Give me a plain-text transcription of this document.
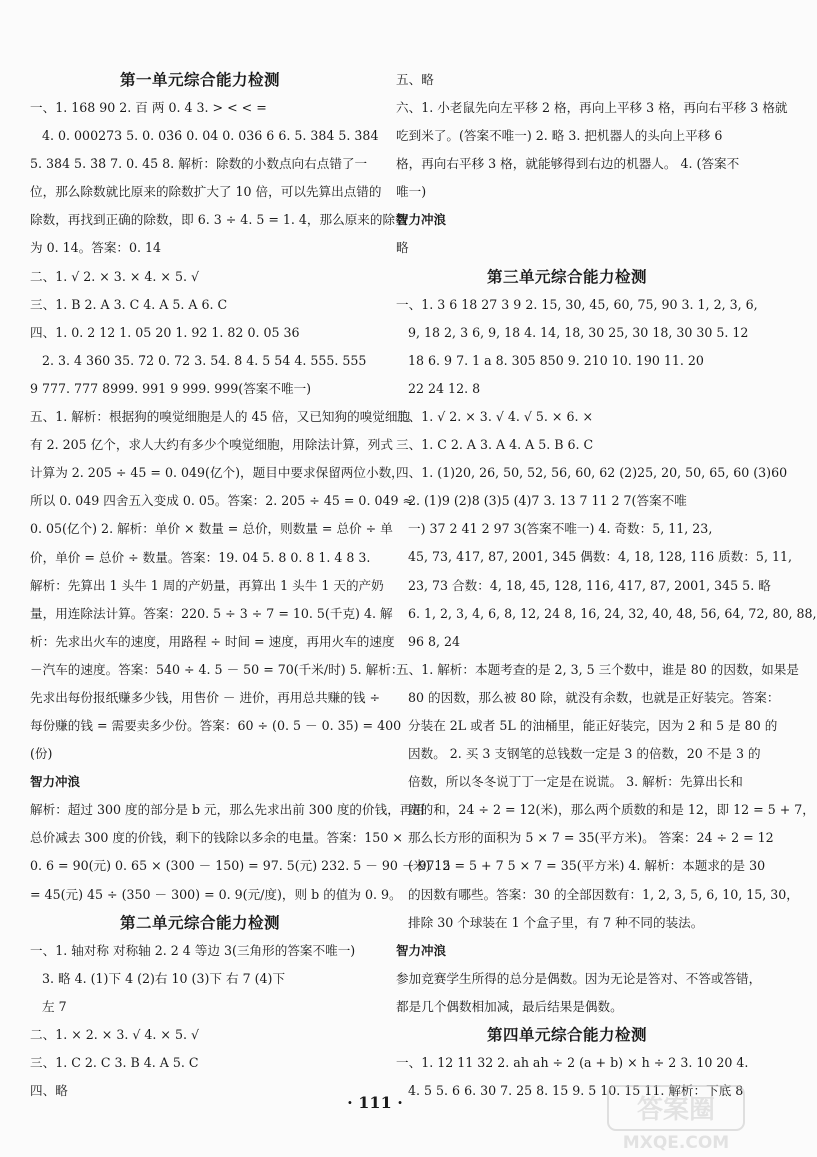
第一单元综合能力检测
一、1. 168 90 2. 百 两 0. 4 3. > < < =
4. 0. 000273 5. 0. 03̇6̇ 0. 04 0. 036 6 6. 5. 384 5. 3̇84̇
5. 384 5. 3̇8̇ 7. 0. 4̇5̇ 8. 解析：除数的小数点向右点错了一
位，那么除数就比原来的除数扩大了 10 倍，可以先算出点错的
除数，再找到正确的除数，即 6. 3 ÷ 4. 5 = 1. 4，那么原来的除数
为 0. 14。答案：0. 14
二、1. √ 2. × 3. × 4. × 5. √
三、1. B 2. A 3. C 4. A 5. A 6. C
四、1. 0. 2 12 1. 05 20 1. 92 1. 82 0. 05 36
2. 3. 4 360 35. 7̇2̇ 0. 72 3. 54. 8 4. 5 54 4. 555. 555
9 777. 777 8999. 991 9 999. 999(答案不唯一)
五、1. 解析：根据狗的嗅觉细胞是人的 45 倍，又已知狗的嗅觉细胞
有 2. 205 亿个，求人大约有多少个嗅觉细胞，用除法计算，列式
计算为 2. 205 ÷ 45 = 0. 049(亿个)，题目中要求保留两位小数，
所以 0. 049 四舍五入变成 0. 05。答案：2. 205 ÷ 45 = 0. 049 ≈
0. 05(亿个) 2. 解析：单价 × 数量 = 总价，则数量 = 总价 ÷ 单
价，单价 = 总价 ÷ 数量。答案：19. 04 5. 8 0. 8 1. 4 8 3.
解析：先算出 1 头牛 1 周的产奶量，再算出 1 头牛 1 天的产奶
量，用连除法计算。答案：220. 5 ÷ 3 ÷ 7 = 10. 5(千克) 4. 解
析：先求出火车的速度，用路程 ÷ 时间 = 速度，再用火车的速度
－汽车的速度。答案：540 ÷ 4. 5 － 50 = 70(千米/时) 5. 解析：
先求出每份报纸赚多少钱，用售价 － 进价，再用总共赚的钱 ÷
每份赚的钱 = 需要卖多少份。答案：60 ÷ (0. 5 － 0. 35) = 400
(份)
智力冲浪
解析：超过 300 度的部分是 b 元，那么先求出前 300 度的价钱，再用
总价减去 300 度的价钱，剩下的钱除以多余的电量。答案：150 ×
0. 6 = 90(元) 0. 65 × (300 － 150) = 97. 5(元) 232. 5 － 90 － 97. 5
= 45(元) 45 ÷ (350 － 300) = 0. 9(元/度)，则 b 的值为 0. 9。
第二单元综合能力检测
一、1. 轴对称 对称轴 2. 2 4 等边 3(三角形的答案不唯一)
3. 略 4. (1)下 4 (2)右 10 (3)下 右 7 (4)下
左 7
二、1. × 2. × 3. √ 4. × 5. √
三、1. C 2. C 3. B 4. A 5. C
四、略
五、略
六、1. 小老鼠先向左平移 2 格，再向上平移 3 格，再向右平移 3 格就
吃到米了。(答案不唯一) 2. 略 3. 把机器人的头向上平移 6
格，再向右平移 3 格，就能够得到右边的机器人。 4. (答案不
唯一)
智力冲浪
略
第三单元综合能力检测
一、1. 3 6 18 27 3 9 2. 15, 30, 45, 60, 75, 90 3. 1, 2, 3, 6,
9, 18 2, 3 6, 9, 18 4. 14, 18, 30 25, 30 18, 30 30 5. 12
18 6. 9 7. 1 a 8. 305 850 9. 210 10. 190 11. 20
22 24 12. 8
二、1. √ 2. × 3. √ 4. √ 5. × 6. ×
三、1. C 2. A 3. A 4. A 5. B 6. C
四、1. (1)20, 26, 50, 52, 56, 60, 62 (2)25, 20, 50, 65, 60 (3)60
2. (1)9 (2)8 (3)5 (4)7 3. 13 7 11 2 7(答案不唯
一) 37 2 41 2 97 3(答案不唯一) 4. 奇数：5, 11, 23,
45, 73, 417, 87, 2001, 345 偶数：4, 18, 128, 116 质数：5, 11,
23, 73 合数：4, 18, 45, 128, 116, 417, 87, 2001, 345 5. 略
6. 1, 2, 3, 4, 6, 8, 12, 24 8, 16, 24, 32, 40, 48, 56, 64, 72, 80, 88,
96 8, 24
五、1. 解析：本题考查的是 2, 3, 5 三个数中，谁是 80 的因数，如果是
80 的因数，那么被 80 除，就没有余数，也就是正好装完。答案：
分装在 2L 或者 5L 的油桶里，能正好装完，因为 2 和 5 是 80 的
因数。 2. 买 3 支钢笔的总钱数一定是 3 的倍数，20 不是 3 的
倍数，所以冬冬说丁丁一定是在说谎。 3. 解析：先算出长和
宽的和，24 ÷ 2 = 12(米)，那么两个质数的和是 12，即 12 = 5 + 7，
那么长方形的面积为 5 × 7 = 35(平方米)。 答案：24 ÷ 2 = 12
(米) 12 = 5 + 7 5 × 7 = 35(平方米) 4. 解析：本题求的是 30
的因数有哪些。答案：30 的全部因数有：1, 2, 3, 5, 6, 10, 15, 30，
排除 30 个球装在 1 个盒子里，有 7 种不同的装法。
智力冲浪
参加竞赛学生所得的总分是偶数。因为无论是答对、不答或答错，
都是几个偶数相加减，最后结果是偶数。
第四单元综合能力检测
一、1. 12 11 32 2. ah ah ÷ 2 (a + b) × h ÷ 2 3. 10 20 4.
4. 5 5. 6 6. 30 7. 25 8. 15 9. 5 10. 15 11. 解析：下底 8
· 111 ·	答案圈
MXQE.COM
